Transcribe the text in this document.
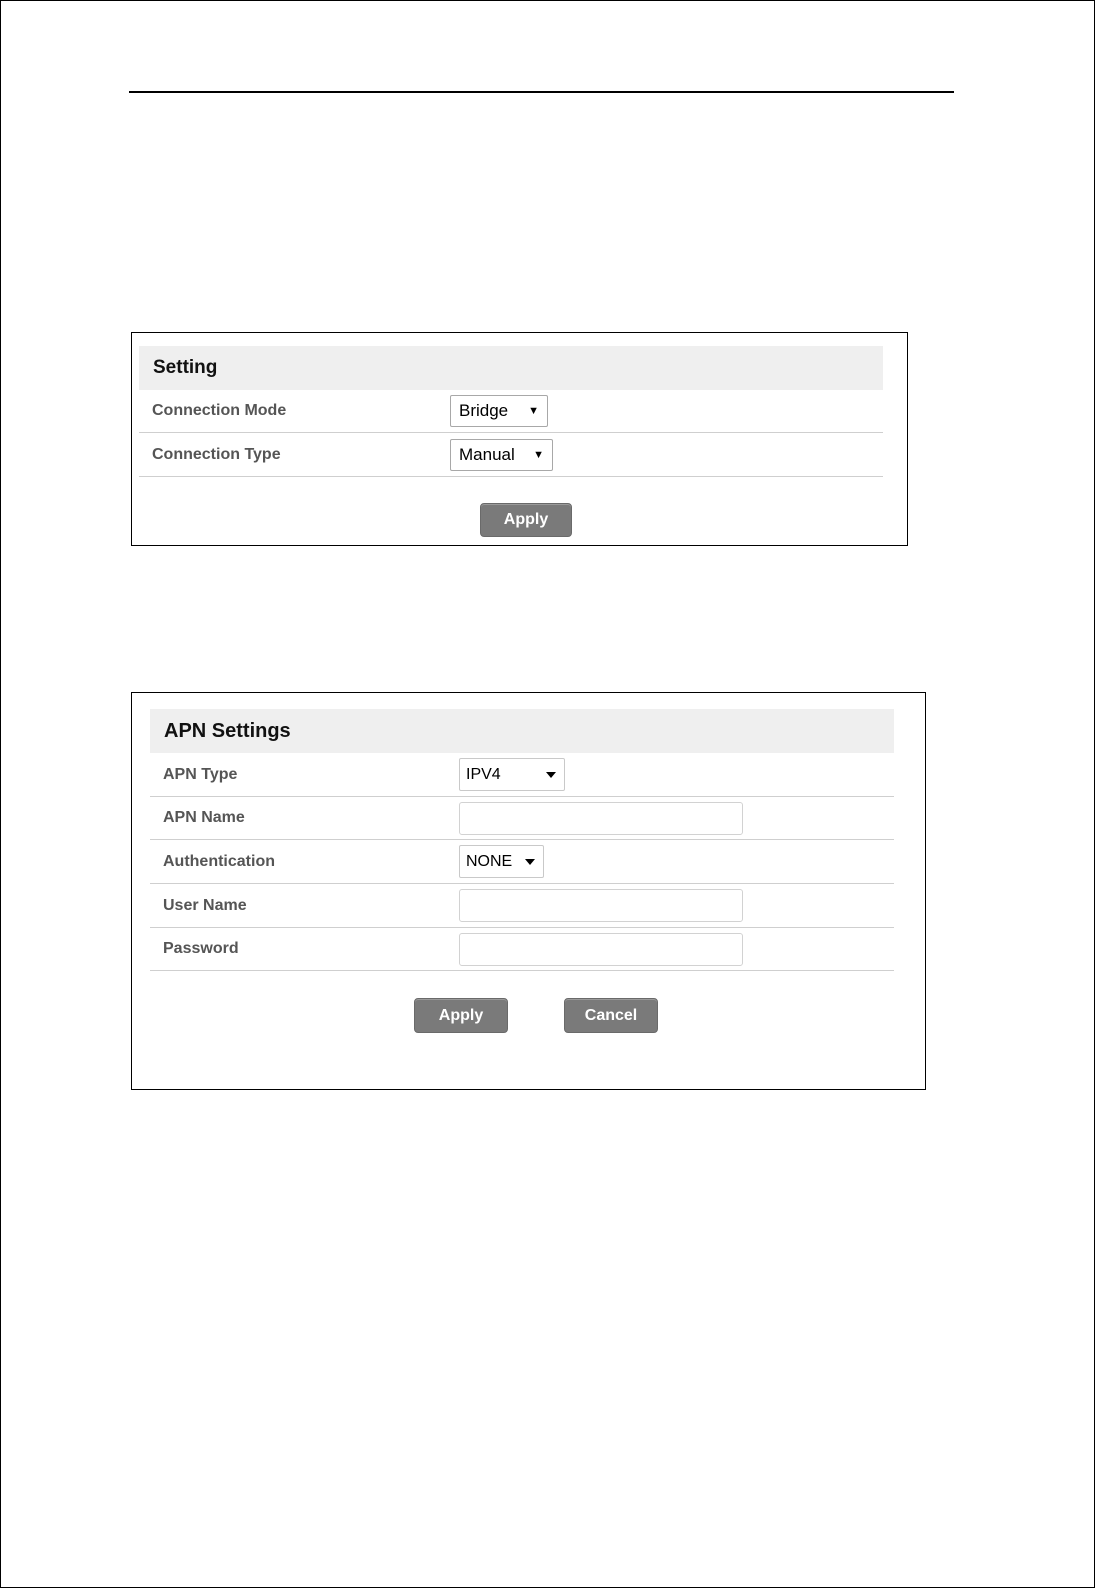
Setting
Connection Mode	Bridge ▼
Connection Type	Manual ▼
Apply
APN Settings
APN Type	IPV4
APN Name
Authentication	NONE
User Name
Password
Apply	Cancel
